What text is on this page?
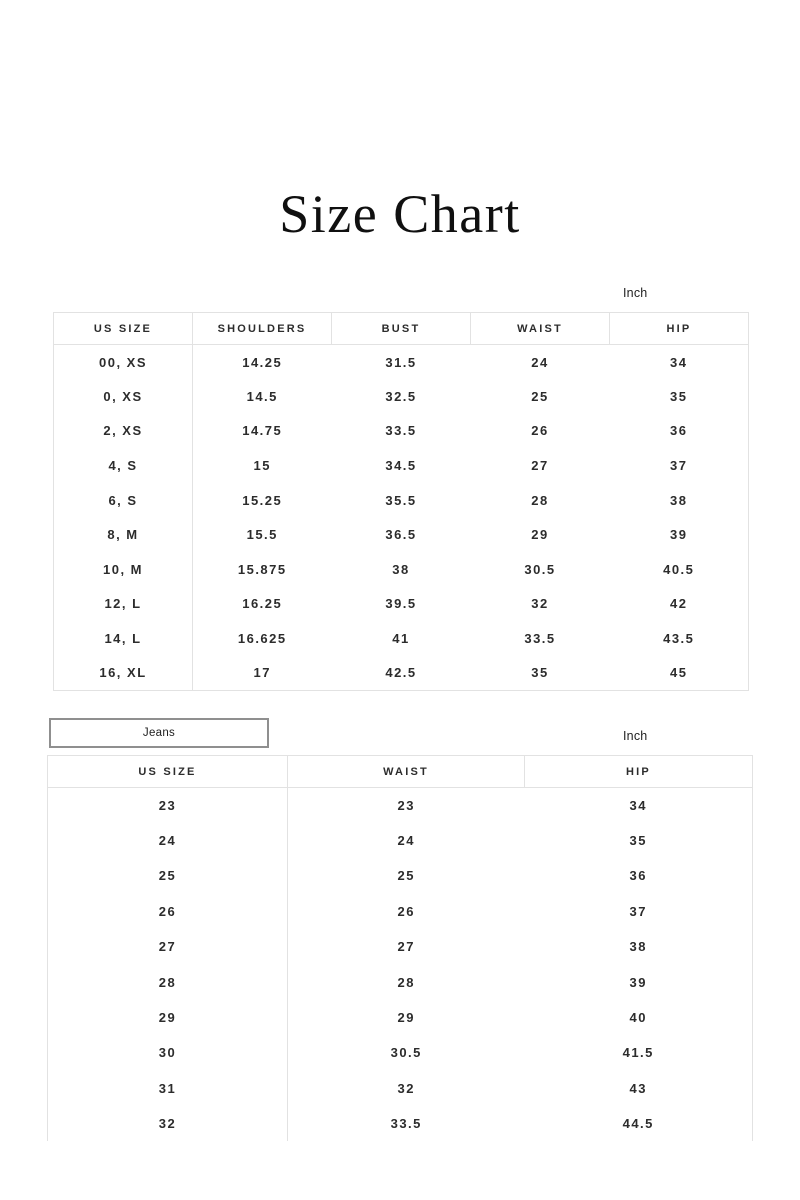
Size Chart
Inch
US SIZE	SHOULDERS	BUST	WAIST	HIP
00, XS	14.25	31.5	24	34
0, XS	14.5	32.5	25	35
2, XS	14.75	33.5	26	36
4, S	15	34.5	27	37
6, S	15.25	35.5	28	38
8, M	15.5	36.5	29	39
10, M	15.875	38	30.5	40.5
12, L	16.25	39.5	32	42
14, L	16.625	41	33.5	43.5
16, XL	17	42.5	35	45
Jeans	Inch
US SIZE	WAIST	HIP
23	23	34
24	24	35
25	25	36
26	26	37
27	27	38
28	28	39
29	29	40
30	30.5	41.5
31	32	43
32	33.5	44.5
